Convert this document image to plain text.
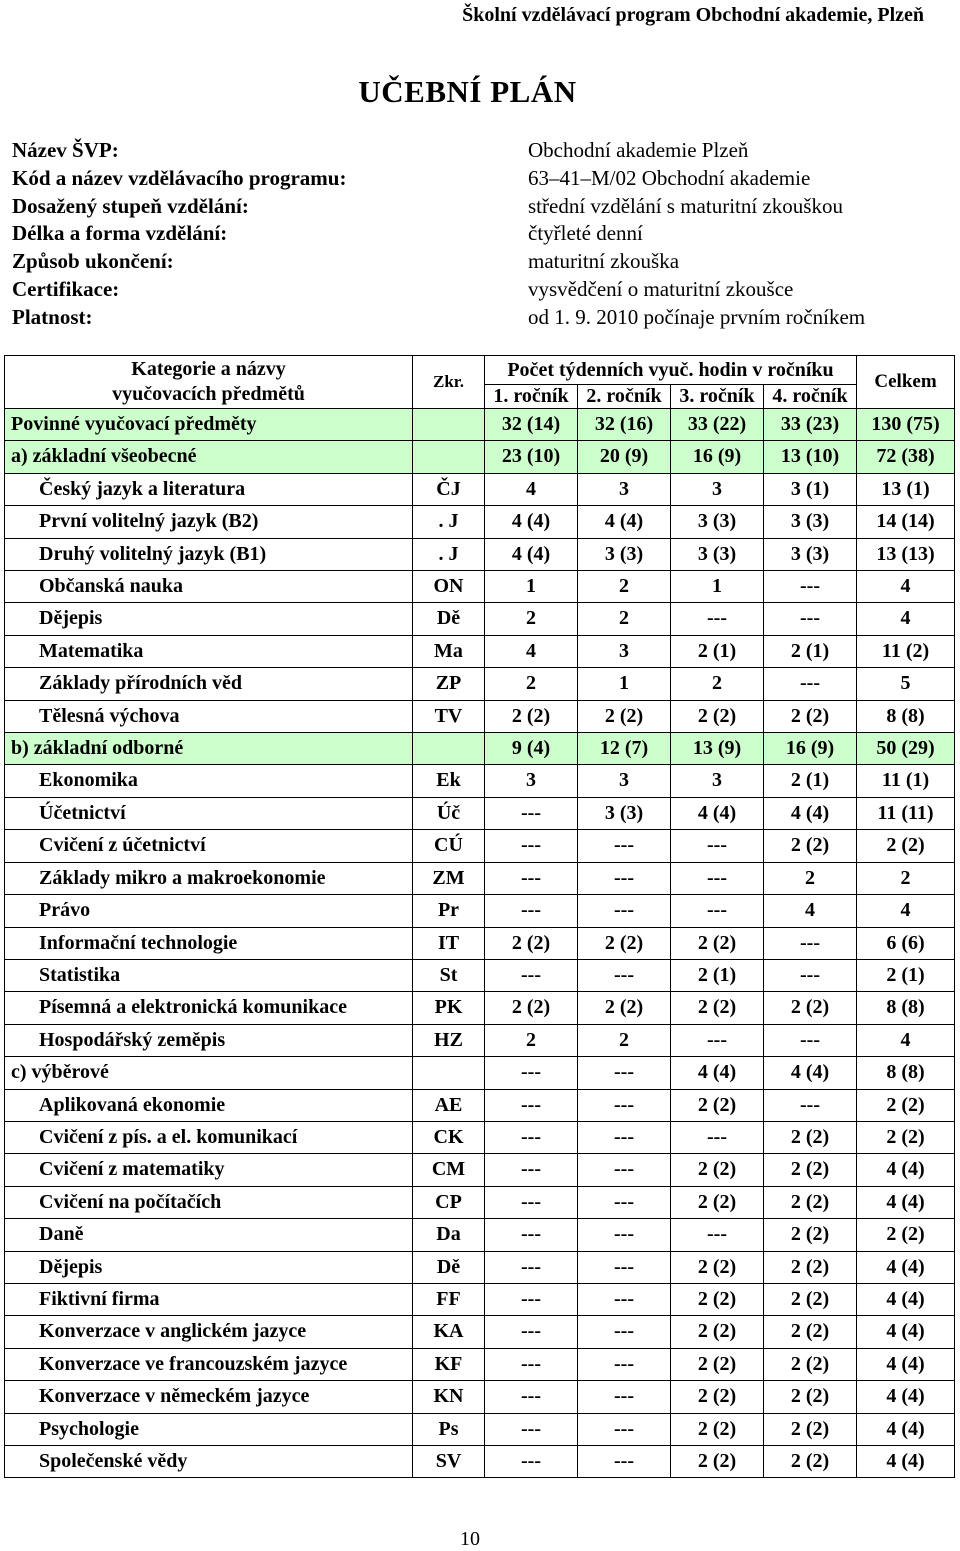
Školní vzdělávací program Obchodní akademie, Plzeň
UČEBNÍ PLÁN
Název ŠVP:	Obchodní akademie Plzeň
Kód a název vzdělávacího programu:	63–41–M/02 Obchodní akademie
Dosažený stupeň vzdělání:	střední vzdělání s maturitní zkouškou
Délka a forma vzdělání:	čtyřleté denní
Způsob ukončení:	maturitní zkouška
Certifikace:	vysvědčení o maturitní zkoušce
Platnost:	od 1. 9. 2010 počínaje prvním ročníkem
Kategorie a názvy
vyučovacích předmětů	Zkr.	Počet týdenních vyuč. hodin v ročníku				Celkem
		1. ročník	2. ročník	3. ročník	4. ročník	
Povinné vyučovací předměty		32 (14)	32 (16)	33 (22)	33 (23)	130 (75)
a) základní všeobecné		23 (10)	20 (9)	16 (9)	13 (10)	72 (38)
Český jazyk a literatura	ČJ	4	3	3	3 (1)	13 (1)
První volitelný jazyk (B2)	. J	4 (4)	4 (4)	3 (3)	3 (3)	14 (14)
Druhý volitelný jazyk (B1)	. J	4 (4)	3 (3)	3 (3)	3 (3)	13 (13)
Občanská nauka	ON	1	2	1	---	4
Dějepis	Dě	2	2	---	---	4
Matematika	Ma	4	3	2 (1)	2 (1)	11 (2)
Základy přírodních věd	ZP	2	1	2	---	5
Tělesná výchova	TV	2 (2)	2 (2)	2 (2)	2 (2)	8 (8)
b) základní odborné		9 (4)	12 (7)	13 (9)	16 (9)	50 (29)
Ekonomika	Ek	3	3	3	2 (1)	11 (1)
Účetnictví	Úč	---	3 (3)	4 (4)	4 (4)	11 (11)
Cvičení z účetnictví	CÚ	---	---	---	2 (2)	2 (2)
Základy mikro a makroekonomie	ZM	---	---	---	2	2
Právo	Pr	---	---	---	4	4
Informační technologie	IT	2 (2)	2 (2)	2 (2)	---	6 (6)
Statistika	St	---	---	2 (1)	---	2 (1)
Písemná a elektronická komunikace	PK	2 (2)	2 (2)	2 (2)	2 (2)	8 (8)
Hospodářský zeměpis	HZ	2	2	---	---	4
c) výběrové		---	---	4 (4)	4 (4)	8 (8)
Aplikovaná ekonomie	AE	---	---	2 (2)	---	2 (2)
Cvičení z pís. a el. komunikací	CK	---	---	---	2 (2)	2 (2)
Cvičení z matematiky	CM	---	---	2 (2)	2 (2)	4 (4)
Cvičení na počítačích	CP	---	---	2 (2)	2 (2)	4 (4)
Daně	Da	---	---	---	2 (2)	2 (2)
Dějepis	Dě	---	---	2 (2)	2 (2)	4 (4)
Fiktivní firma	FF	---	---	2 (2)	2 (2)	4 (4)
Konverzace v anglickém jazyce	KA	---	---	2 (2)	2 (2)	4 (4)
Konverzace ve francouzském jazyce	KF	---	---	2 (2)	2 (2)	4 (4)
Konverzace v německém jazyce	KN	---	---	2 (2)	2 (2)	4 (4)
Psychologie	Ps	---	---	2 (2)	2 (2)	4 (4)
Společenské vědy	SV	---	---	2 (2)	2 (2)	4 (4)
10
